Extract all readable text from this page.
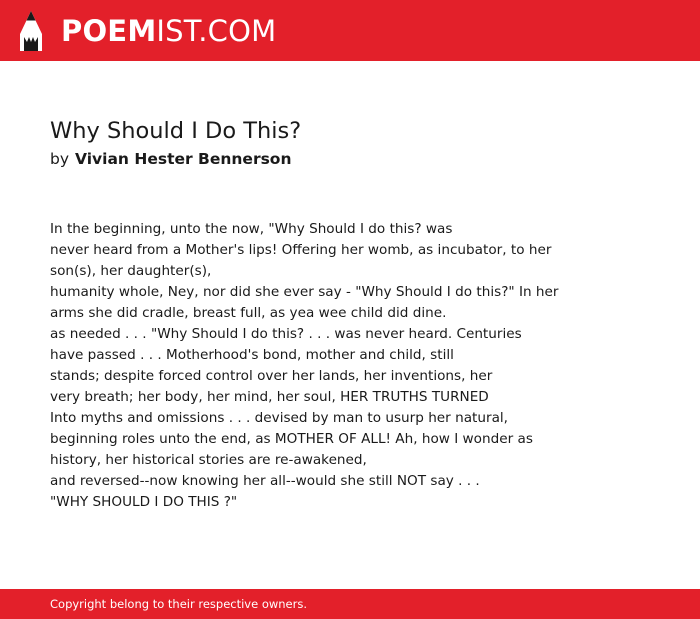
POEMIST.COM
Why Should I Do This?
by Vivian Hester Bennerson
In the beginning, unto the now, "Why Should I do this? was
never heard from a Mother's lips! Offering her womb, as incubator, to her
son(s), her daughter(s),
humanity whole, Ney, nor did she ever say - "Why Should I do this?" In her
arms she did cradle, breast full, as yea wee child did dine.
as needed . . . "Why Should I do this? . . . was never heard. Centuries
have passed . . . Motherhood's bond, mother and child, still
stands; despite forced control over her lands, her inventions, her
very breath; her body, her mind, her soul, HER TRUTHS TURNED
Into myths and omissions . . . devised by man to usurp her natural,
beginning roles unto the end, as MOTHER OF ALL! Ah, how I wonder as
history, her historical stories are re-awakened,
and reversed--now knowing her all--would she still NOT say . . .
"WHY SHOULD I DO THIS ?"
Copyright belong to their respective owners.
